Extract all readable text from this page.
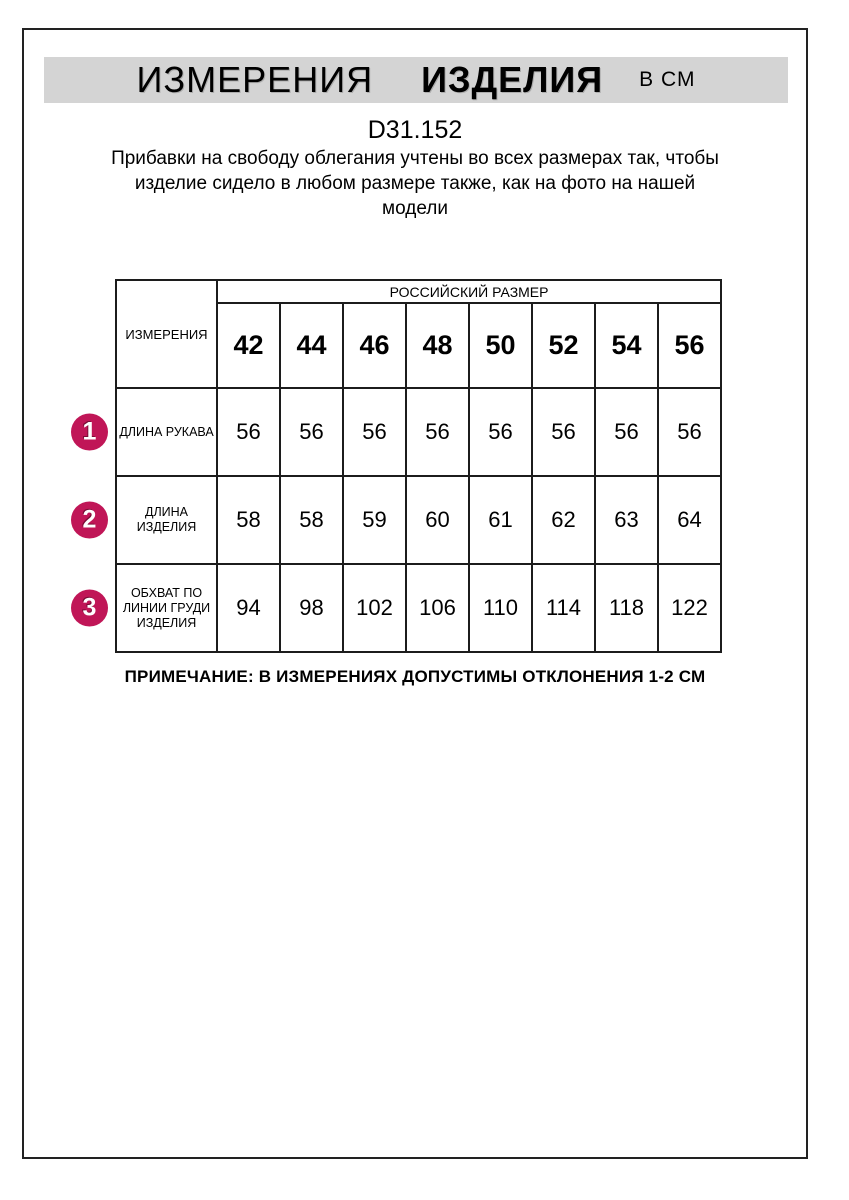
ИЗМЕРЕНИЯ ИЗДЕЛИЯ В СМ
D31.152
Прибавки на свободу облегания учтены во всех размерах так, чтобы изделие сидело в любом размере также, как на фото на нашей модели
ИЗМЕРЕНИЯ	РОССИЙСКИЙ РАЗМЕР							
	42	44	46	48	50	52	54	56

1 ДЛИНА РУКАВА	56	56	56	56	56	56	56	56

2 ДЛИНА ИЗДЕЛИЯ	58	58	59	60	61	62	63	64

3
ОБХВАТ ПО ЛИНИИ ГРУДИ ИЗДЕЛИЯ	94	98	102	106	110	114	118	122
ПРИМЕЧАНИЕ: В ИЗМЕРЕНИЯХ ДОПУСТИМЫ ОТКЛОНЕНИЯ 1-2 СМ
